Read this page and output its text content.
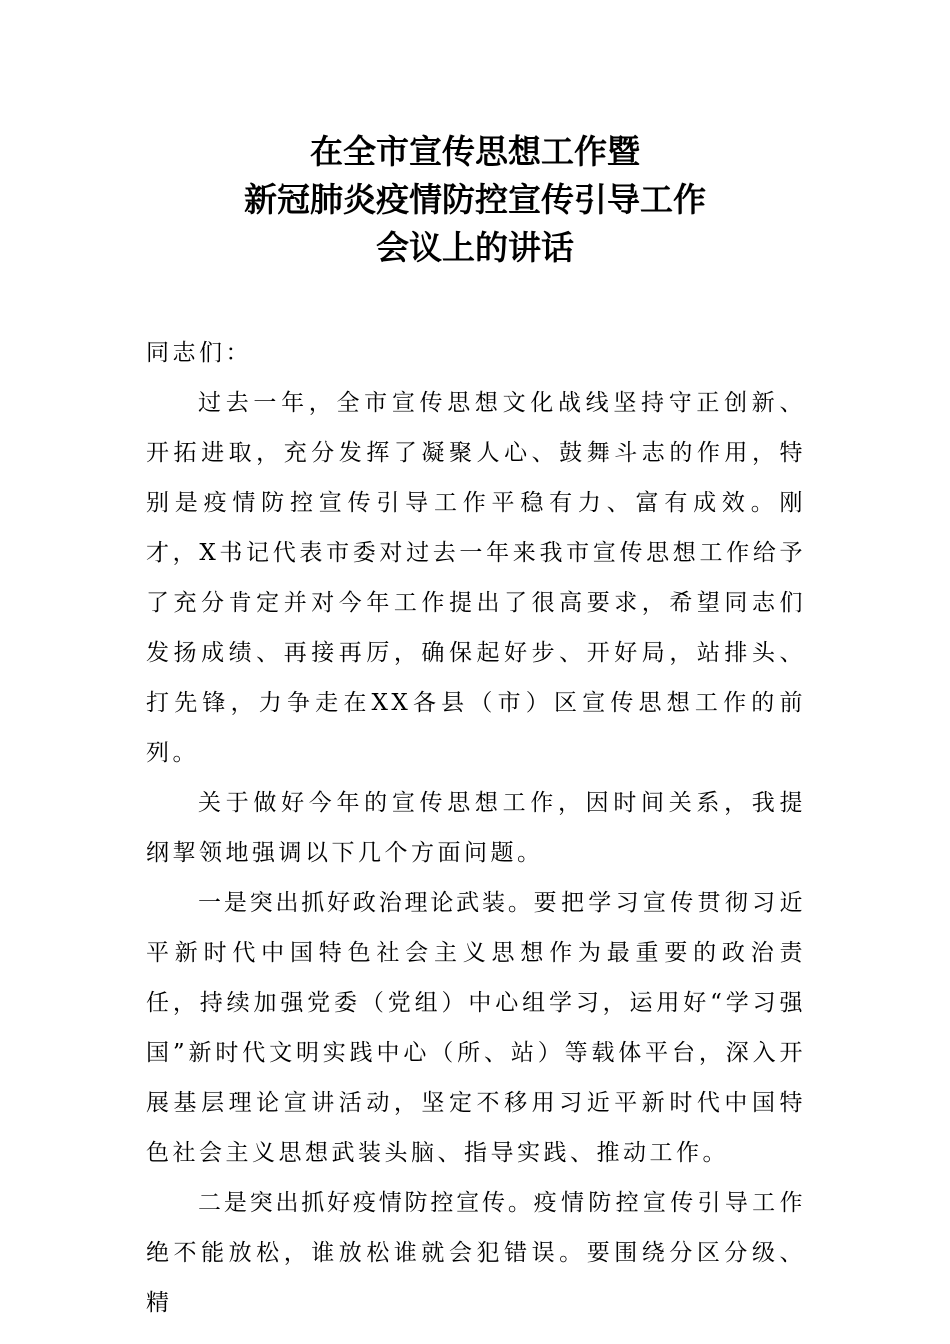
在全市宣传思想工作暨
新冠肺炎疫情防控宣传引导工作
会议上的讲话

同志们：

过去一年，全市宣传思想文化战线坚持守正创新、开拓进取，充分发挥了凝聚人心、鼓舞斗志的作用，特别是疫情防控宣传引导工作平稳有力、富有成效。刚才，X书记代表市委对过去一年来我市宣传思想工作给予了充分肯定并对今年工作提出了很高要求，希望同志们发扬成绩、再接再厉，确保起好步、开好局，站排头、打先锋，力争走在XX各县（市）区宣传思想工作的前列。

关于做好今年的宣传思想工作，因时间关系，我提纲挈领地强调以下几个方面问题。

一是突出抓好政治理论武装。要把学习宣传贯彻习近平新时代中国特色社会主义思想作为最重要的政治责任，持续加强党委（党组）中心组学习，运用好“学习强国”新时代文明实践中心（所、站）等载体平台，深入开展基层理论宣讲活动，坚定不移用习近平新时代中国特色社会主义思想武装头脑、指导实践、推动工作。

二是突出抓好疫情防控宣传。疫情防控宣传引导工作绝不能放松，谁放松谁就会犯错误。要围绕分区分级、精
